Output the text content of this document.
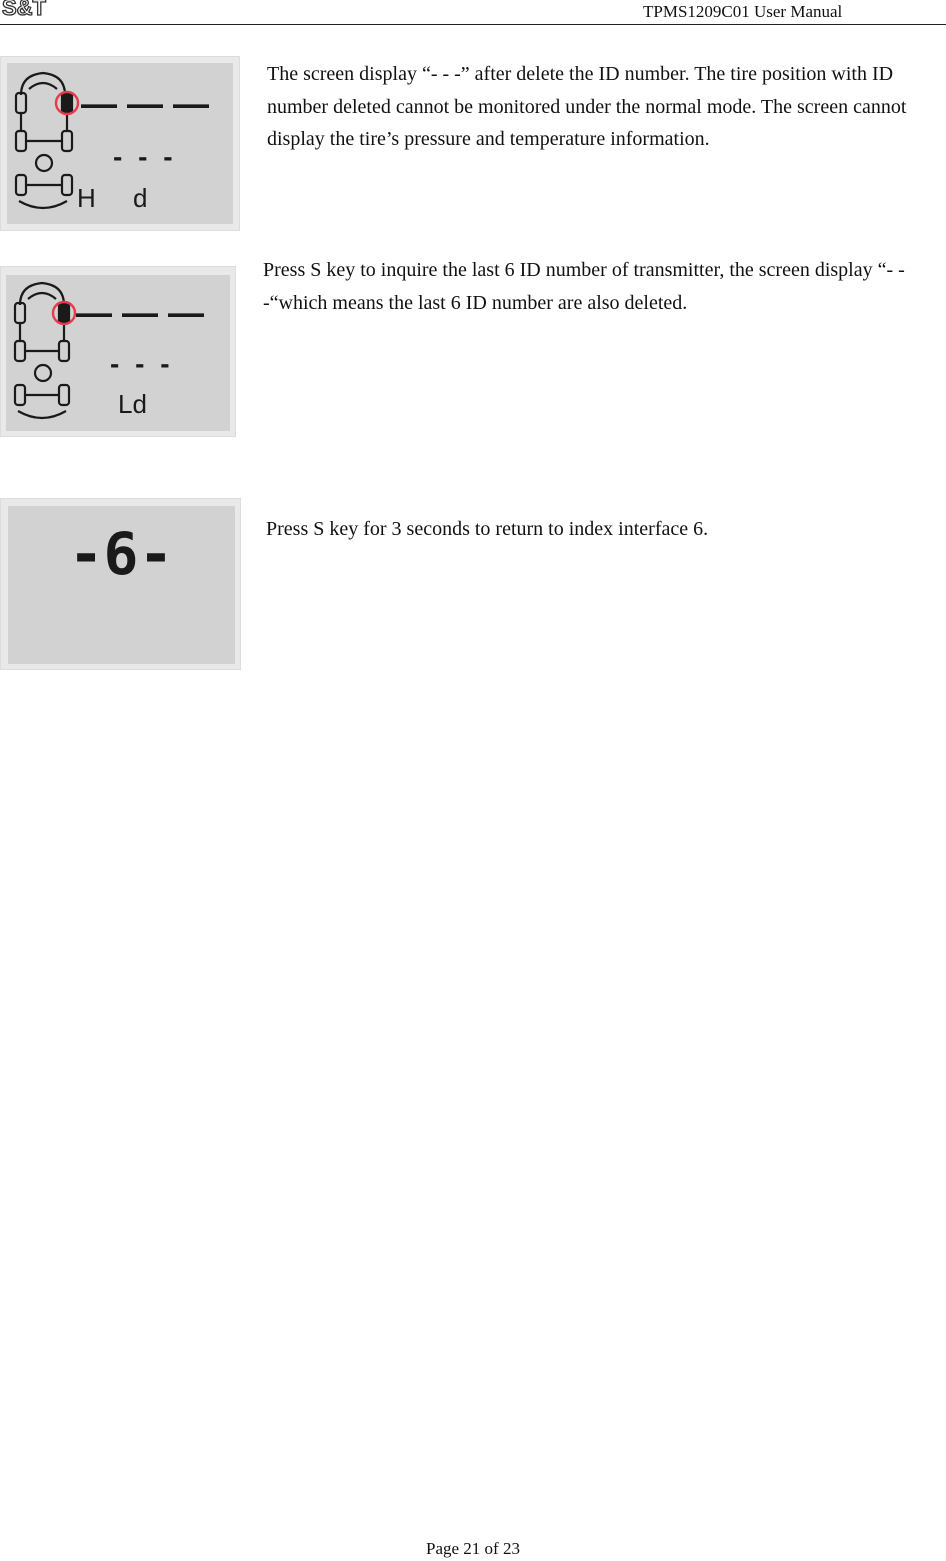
S&T	TPMS1209C01 User Manual
— — —
- - -
H d

The screen display “- - -” after delete the ID number. The tire position with ID number deleted cannot be monitored under the normal mode. The screen cannot display the tire’s pressure and temperature information.

— — —
- - -
Ld

Press S key to inquire the last 6 ID number of transmitter, the screen display “- - -“which means the last 6 ID number are also deleted.

-6-	Press S key for 3 seconds to return to index interface 6.

Page 21 of 23
